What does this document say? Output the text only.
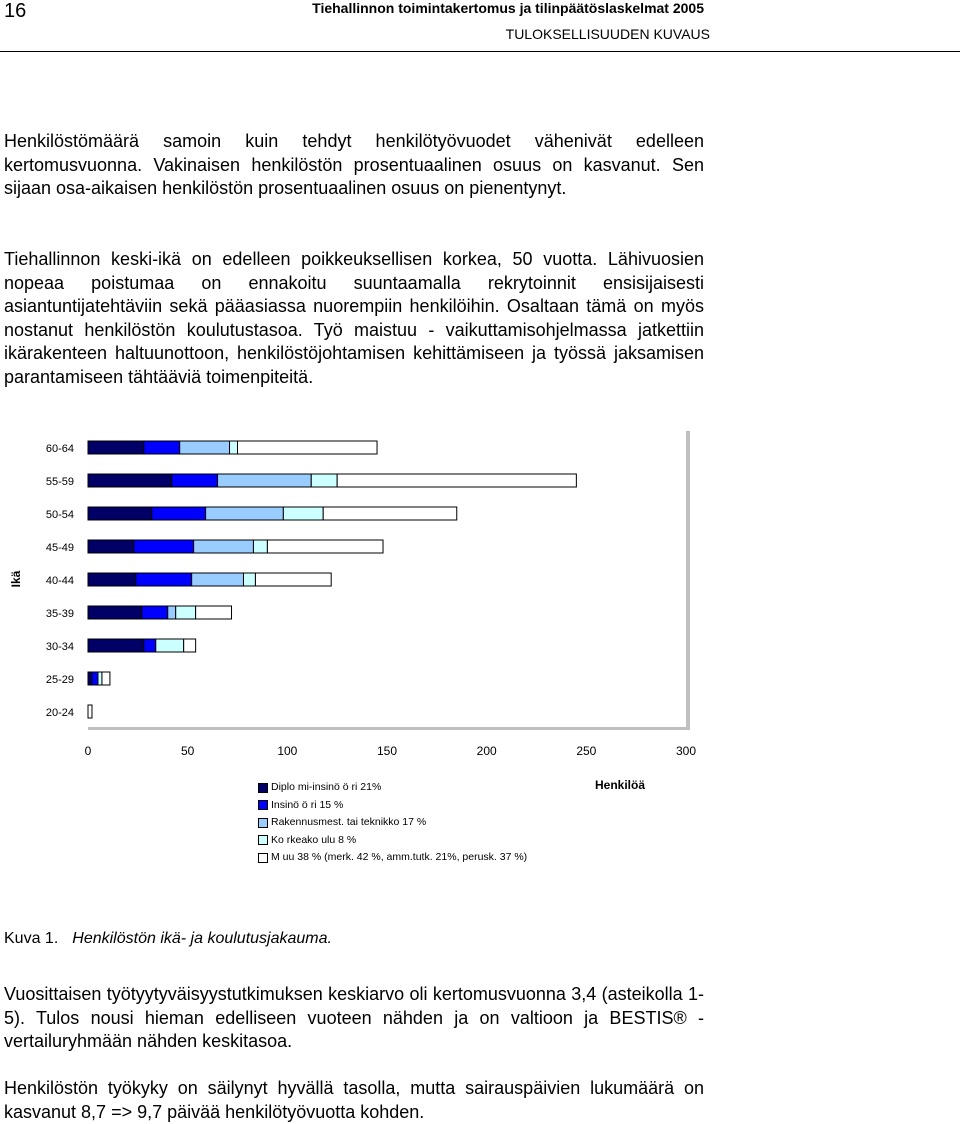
16	Tiehallinnon toimintakertomus ja tilinpäätöslaskelmat 2005
TULOKSELLISUUDEN KUVAUS

Henkilöstömäärä samoin kuin tehdyt henkilötyövuodet vähenivät edelleen kertomusvuonna. Vakinaisen henkilöstön prosentuaalinen osuus on kasvanut. Sen sijaan osa-aikaisen henkilöstön prosentuaalinen osuus on pienentynyt.

Tiehallinnon keski-ikä on edelleen poikkeuksellisen korkea, 50 vuotta. Lähivuosien nopeaa poistumaa on ennakoitu suuntaamalla rekrytoinnit ensisijaisesti asiantuntijatehtäviin sekä pääasiassa nuorempiin henkilöihin. Osaltaan tämä on myös nostanut henkilöstön koulutustasoa. Työ maistuu - vaikuttamisohjelmassa jatkettiin ikärakenteen haltuunottoon, henkilöstöjohtamisen kehittämiseen ja työssä jaksamisen parantamiseen tähtääviä toimenpiteitä.

60-64
55-59
50-54
45-49
40-44
35-39
30-34
25-29
20-24
0	50	100	150	200	250	300
Ikä
Diplo mi-insinö ö ri 21%
Insinö ö ri 15 %
Rakennusmest. tai teknikko 17 %
Ko rkeako ulu 8 %
M uu 38 % (merk. 42 %, amm.tutk. 21%, perusk. 37 %)
Henkilöä
Kuva 1. Henkilöstön ikä- ja koulutusjakauma.

Vuosittaisen työtyytyväisyystutkimuksen keskiarvo oli kertomusvuonna 3,4 (asteikolla 1-5). Tulos nousi hieman edelliseen vuoteen nähden ja on valtioon ja BESTIS® -vertailuryhmään nähden keskitasoa.

Henkilöstön työkyky on säilynyt hyvällä tasolla, mutta sairauspäivien lukumäärä on kasvanut 8,7 => 9,7 päivää henkilötyövuotta kohden.
